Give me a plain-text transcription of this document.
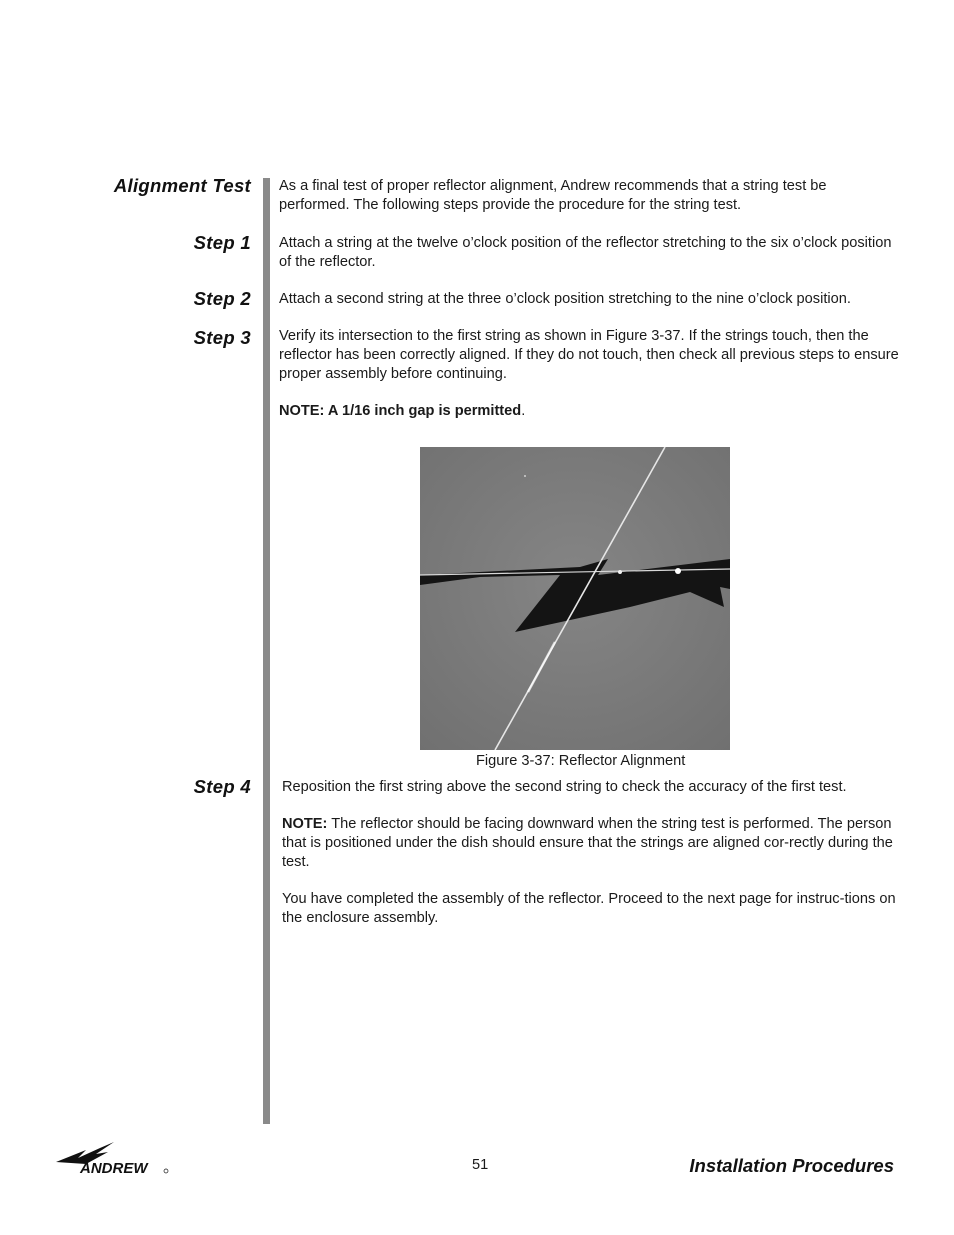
Alignment Test
Step 1
Step 2
Step 3
Step 4

As a final test of proper reflector alignment, Andrew recommends that a string test be performed. The following steps provide the procedure for the string test.

Attach a string at the twelve o’clock position of the reflector stretching to the six o’clock position of the reflector.

Attach a second string at the three o’clock position stretching to the nine o’clock position.

Verify its intersection to the first string as shown in Figure 3-37. If the strings touch, then the reflector has been correctly aligned. If they do not touch, then check all previous steps to ensure proper assembly before continuing.

NOTE: A 1/16 inch gap is permitted.

Figure 3-37: Reflector Alignment

Reposition the first string above the second string to check the accuracy of the first test.

NOTE: The reflector should be facing downward when the string test is performed. The person that is positioned under the dish should ensure that the strings are aligned cor-rectly during the test.

You have completed the assembly of the reflector. Proceed to the next page for instruc-tions on the enclosure assembly.

ANDREW	51	Installation Procedures
